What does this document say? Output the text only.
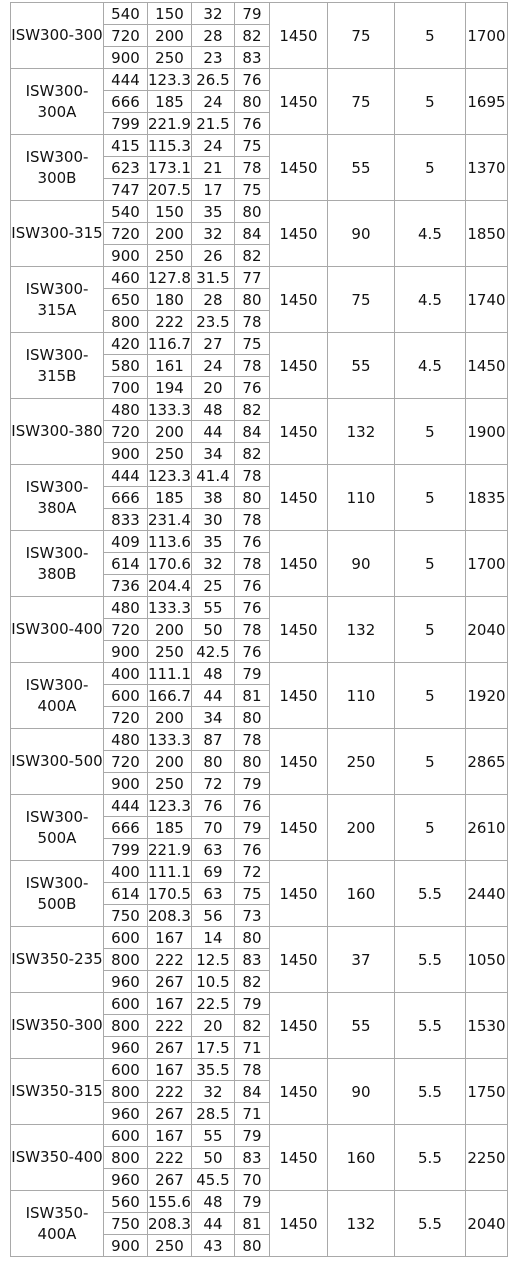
ISW300-300	540	150	32	79	1450	75	5	1700
	720	200	28	82				
	900	250	23	83				
ISW300-300A	444	123.3	26.5	76	1450	75	5	1695
	666	185	24	80				
	799	221.9	21.5	76				
ISW300-300B	415	115.3	24	75	1450	55	5	1370
	623	173.1	21	78				
	747	207.5	17	75				
ISW300-315	540	150	35	80	1450	90	4.5	1850
	720	200	32	84				
	900	250	26	82				
ISW300-315A	460	127.8	31.5	77	1450	75	4.5	1740
	650	180	28	80				
	800	222	23.5	78				
ISW300-315B	420	116.7	27	75	1450	55	4.5	1450
	580	161	24	78				
	700	194	20	76				
ISW300-380	480	133.3	48	82	1450	132	5	1900
	720	200	44	84				
	900	250	34	82				
ISW300-380A	444	123.3	41.4	78	1450	110	5	1835
	666	185	38	80				
	833	231.4	30	78				
ISW300-380B	409	113.6	35	76	1450	90	5	1700
	614	170.6	32	78				
	736	204.4	25	76				
ISW300-400	480	133.3	55	76	1450	132	5	2040
	720	200	50	78				
	900	250	42.5	76				
ISW300-400A	400	111.1	48	79	1450	110	5	1920
	600	166.7	44	81				
	720	200	34	80				
ISW300-500	480	133.3	87	78	1450	250	5	2865
	720	200	80	80				
	900	250	72	79				
ISW300-500A	444	123.3	76	76	1450	200	5	2610
	666	185	70	79				
	799	221.9	63	76				
ISW300-500B	400	111.1	69	72	1450	160	5.5	2440
	614	170.5	63	75				
	750	208.3	56	73				
ISW350-235	600	167	14	80	1450	37	5.5	1050
	800	222	12.5	83				
	960	267	10.5	82				
ISW350-300	600	167	22.5	79	1450	55	5.5	1530
	800	222	20	82				
	960	267	17.5	71				
ISW350-315	600	167	35.5	78	1450	90	5.5	1750
	800	222	32	84				
	960	267	28.5	71				
ISW350-400	600	167	55	79	1450	160	5.5	2250
	800	222	50	83				
	960	267	45.5	70				
ISW350-400A	560	155.6	48	79	1450	132	5.5	2040
	750	208.3	44	81				
	900	250	43	80				
